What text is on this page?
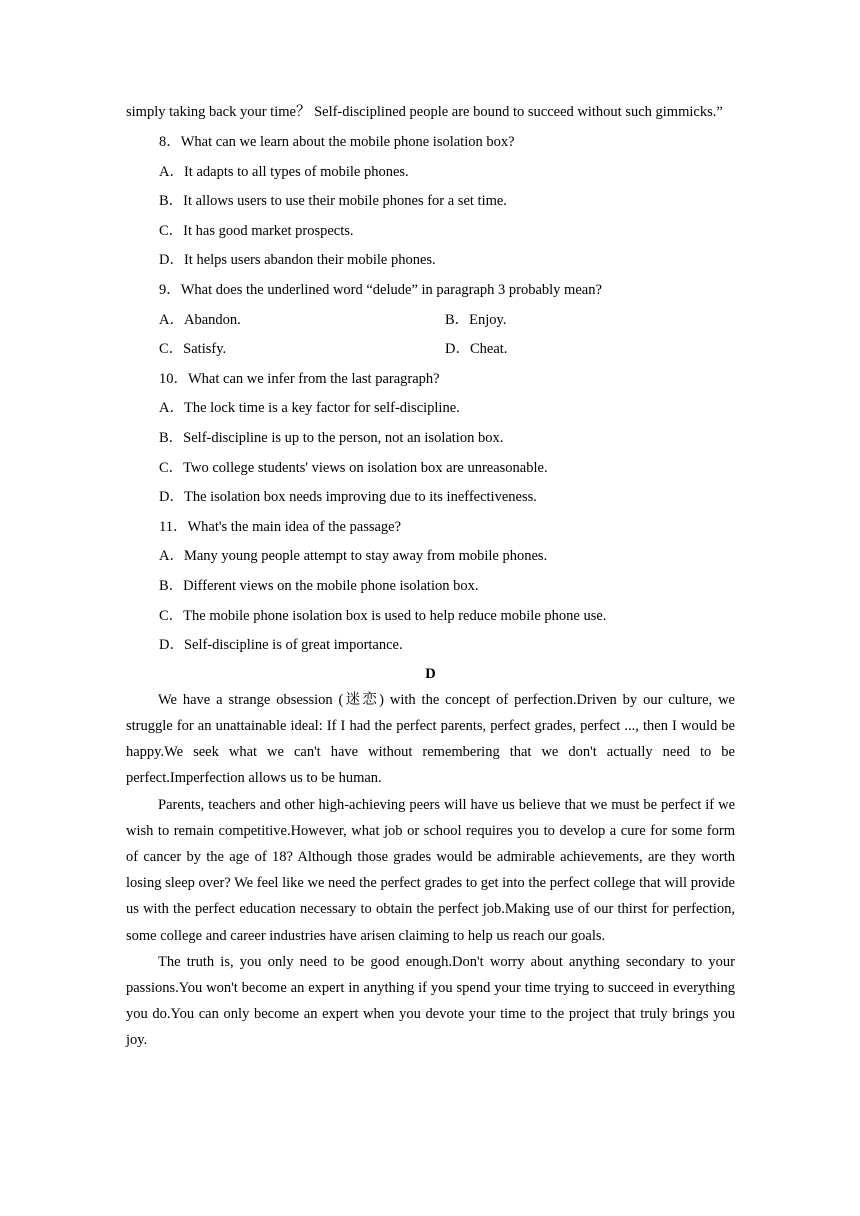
simply taking back your time？ Self-disciplined people are bound to succeed without such gimmicks.”

8．What can we learn about the mobile phone isolation box?

A．It adapts to all types of mobile phones.

B．It allows users to use their mobile phones for a set time.

C．It has good market prospects.

D．It helps users abandon their mobile phones.

9．What does the underlined word “delude” in paragraph 3 probably mean?

A．Abandon.	B．Enjoy.
C．Satisfy.	D．Cheat.

10．What can we infer from the last paragraph?

A．The lock time is a key factor for self-discipline.

B．Self-discipline is up to the person, not an isolation box.

C．Two college students' views on isolation box are unreasonable.

D．The isolation box needs improving due to its ineffectiveness.

11．What's the main idea of the passage?

A．Many young people attempt to stay away from mobile phones.

B．Different views on the mobile phone isolation box.

C．The mobile phone isolation box is used to help reduce mobile phone use.

D．Self-discipline is of great importance.

D

We have a strange obsession (迷恋) with the concept of perfection.Driven by our culture, we struggle for an unattainable ideal: If I had the perfect parents, perfect grades, perfect ..., then I would be happy.We seek what we can't have without remembering that we don't actually need to be perfect.Imperfection allows us to be human.

Parents, teachers and other high-achieving peers will have us believe that we must be perfect if we wish to remain competitive.However, what job or school requires you to develop a cure for some form of cancer by the age of 18? Although those grades would be admirable achievements, are they worth losing sleep over? We feel like we need the perfect grades to get into the perfect college that will provide us with the perfect education necessary to obtain the perfect job.Making use of our thirst for perfection, some college and career industries have arisen claiming to help us reach our goals.

The truth is, you only need to be good enough.Don't worry about anything secondary to your passions.You won't become an expert in anything if you spend your time trying to succeed in everything you do.You can only become an expert when you devote your time to the project that truly brings you joy.
